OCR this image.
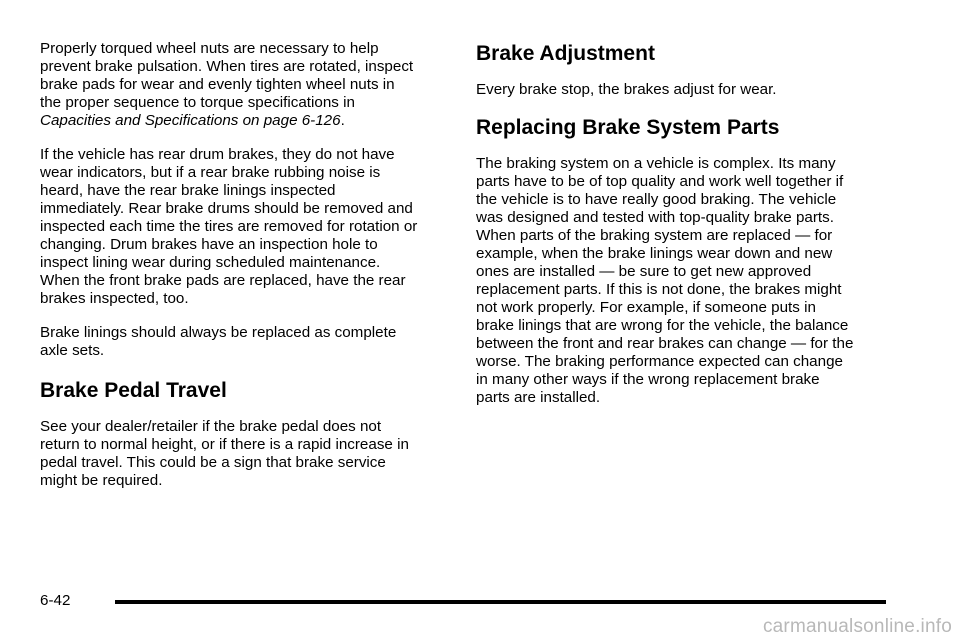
Properly torqued wheel nuts are necessary to help
prevent brake pulsation. When tires are rotated, inspect
brake pads for wear and evenly tighten wheel nuts in
the proper sequence to torque specifications in
Capacities and Specifications on page 6-126.

If the vehicle has rear drum brakes, they do not have
wear indicators, but if a rear brake rubbing noise is
heard, have the rear brake linings inspected
immediately. Rear brake drums should be removed and
inspected each time the tires are removed for rotation or
changing. Drum brakes have an inspection hole to
inspect lining wear during scheduled maintenance.
When the front brake pads are replaced, have the rear
brakes inspected, too.

Brake linings should always be replaced as complete
axle sets.

Brake Pedal Travel

See your dealer/retailer if the brake pedal does not
return to normal height, or if there is a rapid increase in
pedal travel. This could be a sign that brake service
might be required.

Brake Adjustment

Every brake stop, the brakes adjust for wear.

Replacing Brake System Parts

The braking system on a vehicle is complex. Its many
parts have to be of top quality and work well together if
the vehicle is to have really good braking. The vehicle
was designed and tested with top-quality brake parts.
When parts of the braking system are replaced — for
example, when the brake linings wear down and new
ones are installed — be sure to get new approved
replacement parts. If this is not done, the brakes might
not work properly. For example, if someone puts in
brake linings that are wrong for the vehicle, the balance
between the front and rear brakes can change — for the
worse. The braking performance expected can change
in many other ways if the wrong replacement brake
parts are installed.

6-42
carmanualsonline.info
